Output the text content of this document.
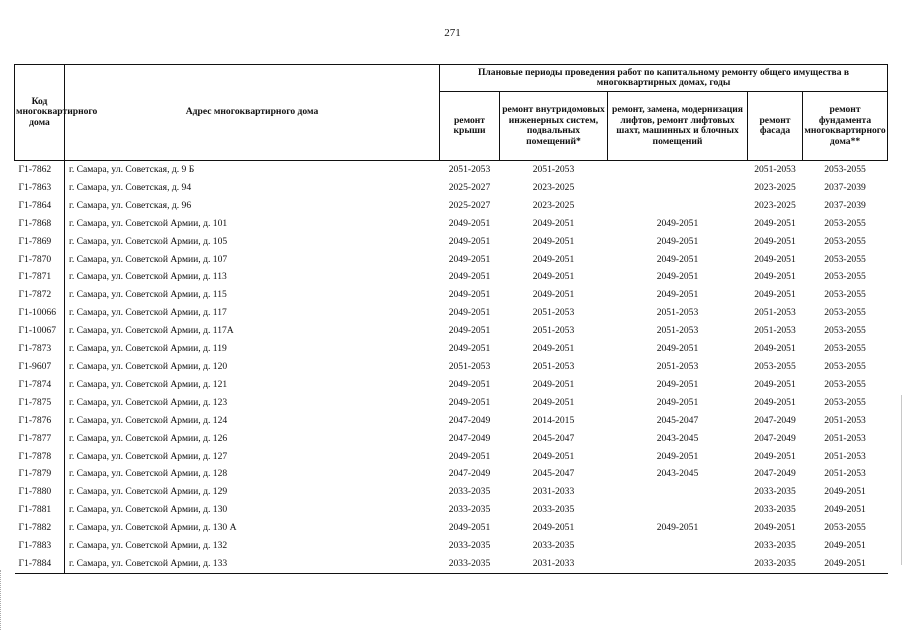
271
Код многоквартирного дома	Адрес многоквартирного дома	Плановые периоды проведения работ по капитальному ремонту общего имущества в многоквартирных домах, годы				
		ремонт крыши	ремонт внутридомовых инженерных систем, подвальных помещений*	ремонт, замена, модернизация лифтов, ремонт лифтовых шахт, машинных и блочных помещений	ремонт фасада	ремонт фундамента многоквартирного дома**
Г1-7862	г. Самара, ул. Советская, д. 9 Б	2051-2053	2051-2053		2051-2053	2053-2055
Г1-7863	г. Самара, ул. Советская, д. 94	2025-2027	2023-2025		2023-2025	2037-2039
Г1-7864	г. Самара, ул. Советская, д. 96	2025-2027	2023-2025		2023-2025	2037-2039
Г1-7868	г. Самара, ул. Советской Армии, д. 101	2049-2051	2049-2051	2049-2051	2049-2051	2053-2055
Г1-7869	г. Самара, ул. Советской Армии, д. 105	2049-2051	2049-2051	2049-2051	2049-2051	2053-2055
Г1-7870	г. Самара, ул. Советской Армии, д. 107	2049-2051	2049-2051	2049-2051	2049-2051	2053-2055
Г1-7871	г. Самара, ул. Советской Армии, д. 113	2049-2051	2049-2051	2049-2051	2049-2051	2053-2055
Г1-7872	г. Самара, ул. Советской Армии, д. 115	2049-2051	2049-2051	2049-2051	2049-2051	2053-2055
Г1-10066	г. Самара, ул. Советской Армии, д. 117	2049-2051	2051-2053	2051-2053	2051-2053	2053-2055
Г1-10067	г. Самара, ул. Советской Армии, д. 117А	2049-2051	2051-2053	2051-2053	2051-2053	2053-2055
Г1-7873	г. Самара, ул. Советской Армии, д. 119	2049-2051	2049-2051	2049-2051	2049-2051	2053-2055
Г1-9607	г. Самара, ул. Советской Армии, д. 120	2051-2053	2051-2053	2051-2053	2053-2055	2053-2055
Г1-7874	г. Самара, ул. Советской Армии, д. 121	2049-2051	2049-2051	2049-2051	2049-2051	2053-2055
Г1-7875	г. Самара, ул. Советской Армии, д. 123	2049-2051	2049-2051	2049-2051	2049-2051	2053-2055
Г1-7876	г. Самара, ул. Советской Армии, д. 124	2047-2049	2014-2015	2045-2047	2047-2049	2051-2053
Г1-7877	г. Самара, ул. Советской Армии, д. 126	2047-2049	2045-2047	2043-2045	2047-2049	2051-2053
Г1-7878	г. Самара, ул. Советской Армии, д. 127	2049-2051	2049-2051	2049-2051	2049-2051	2051-2053
Г1-7879	г. Самара, ул. Советской Армии, д. 128	2047-2049	2045-2047	2043-2045	2047-2049	2051-2053
Г1-7880	г. Самара, ул. Советской Армии, д. 129	2033-2035	2031-2033		2033-2035	2049-2051
Г1-7881	г. Самара, ул. Советской Армии, д. 130	2033-2035	2033-2035		2033-2035	2049-2051
Г1-7882	г. Самара, ул. Советской Армии, д. 130 А	2049-2051	2049-2051	2049-2051	2049-2051	2053-2055
Г1-7883	г. Самара, ул. Советской Армии, д. 132	2033-2035	2033-2035		2033-2035	2049-2051
Г1-7884	г. Самара, ул. Советской Армии, д. 133	2033-2035	2031-2033		2033-2035	2049-2051
